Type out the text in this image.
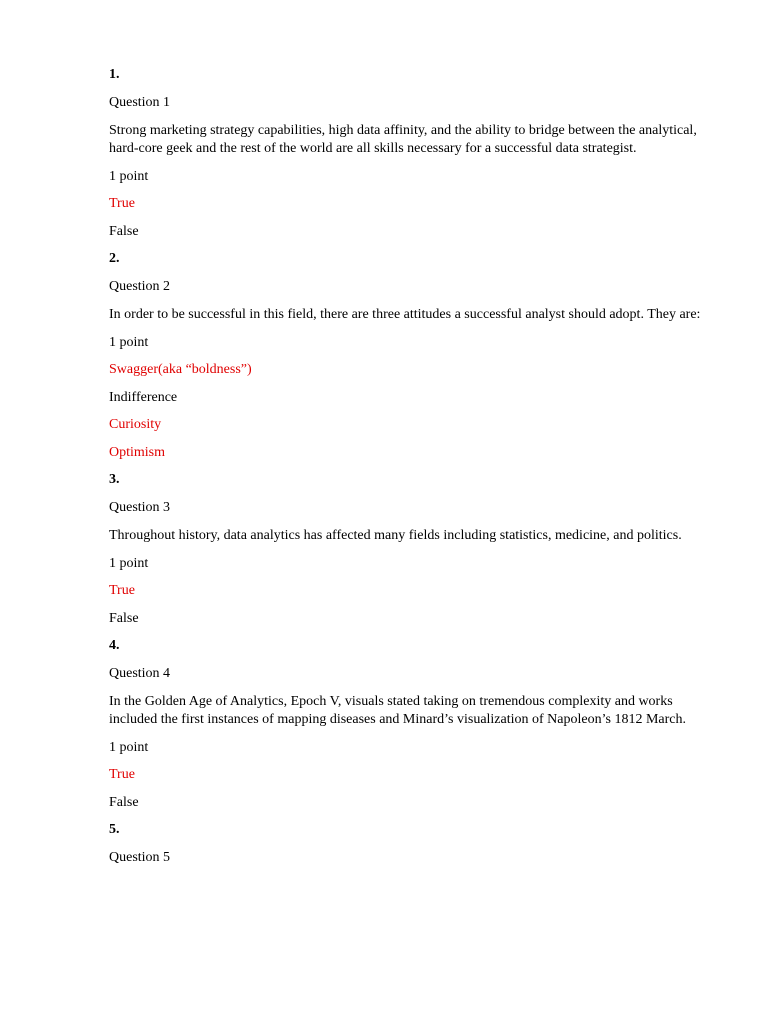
1.

Question 1

Strong marketing strategy capabilities, high data affinity, and the ability to bridge between the analytical, hard-core geek and the rest of the world are all skills necessary for a successful data strategist.

1 point

True

False

2.

Question 2

In order to be successful in this field, there are three attitudes a successful analyst should adopt. They are:

1 point

Swagger(aka “boldness”)

Indifference

Curiosity

Optimism

3.

Question 3

Throughout history, data analytics has affected many fields including statistics, medicine, and politics.

1 point

True

False

4.

Question 4

In the Golden Age of Analytics, Epoch V, visuals stated taking on tremendous complexity and works included the first instances of mapping diseases and Minard’s visualization of Napoleon’s 1812 March.

1 point

True

False

5.

Question 5
